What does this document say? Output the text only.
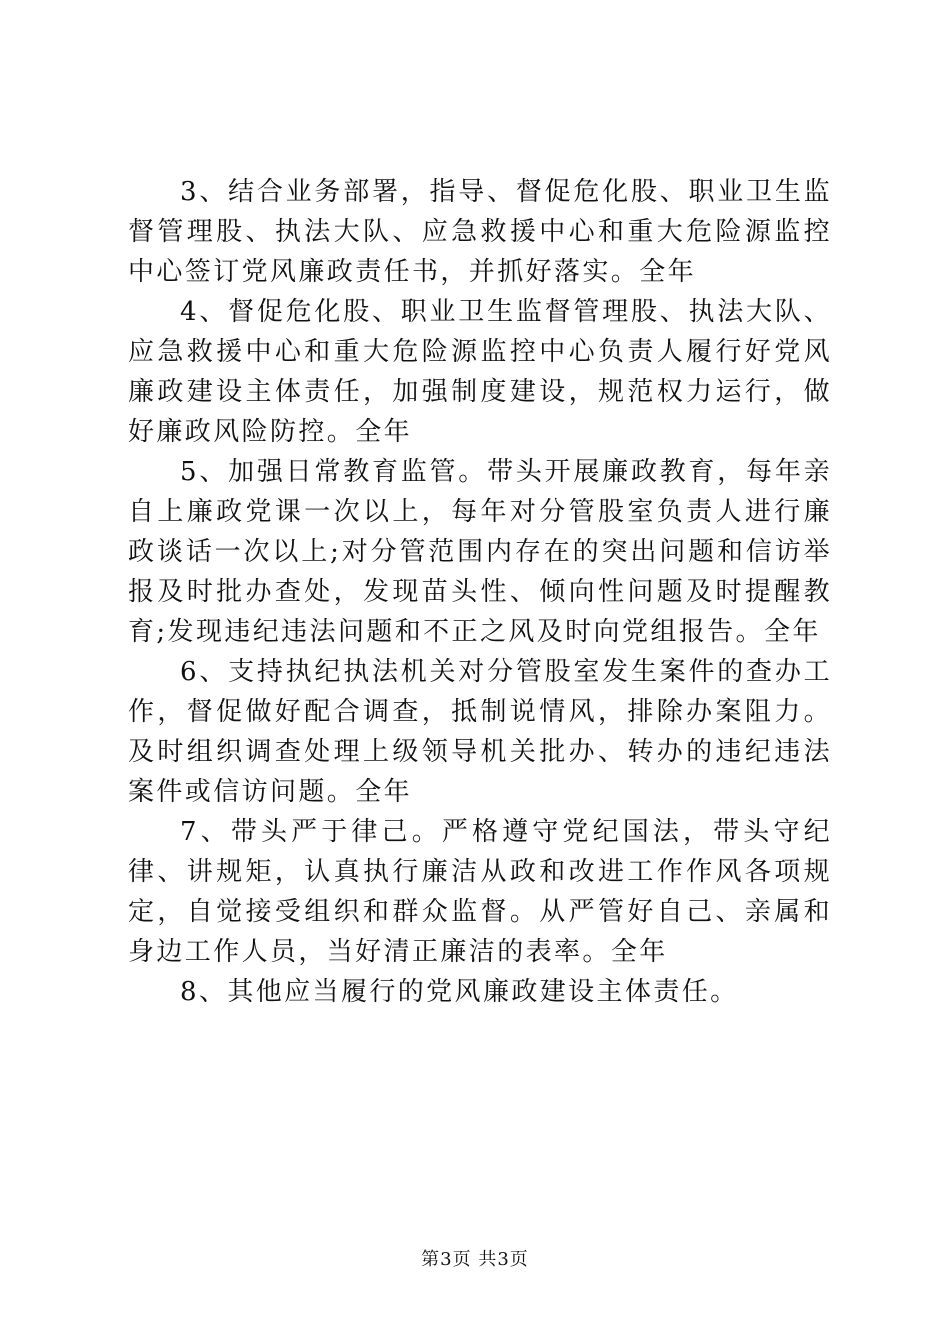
3、结合业务部署，指导、督促危化股、职业卫生监督管理股、执法大队、应急救援中心和重大危险源监控中心签订党风廉政责任书，并抓好落实。全年

4、督促危化股、职业卫生监督管理股、执法大队、应急救援中心和重大危险源监控中心负责人履行好党风廉政建设主体责任，加强制度建设，规范权力运行，做好廉政风险防控。全年

5、加强日常教育监管。带头开展廉政教育，每年亲自上廉政党课一次以上，每年对分管股室负责人进行廉政谈话一次以上;对分管范围内存在的突出问题和信访举报及时批办查处，发现苗头性、倾向性问题及时提醒教育;发现违纪违法问题和不正之风及时向党组报告。全年

6、支持执纪执法机关对分管股室发生案件的查办工作，督促做好配合调查，抵制说情风，排除办案阻力。及时组织调查处理上级领导机关批办、转办的违纪违法案件或信访问题。全年

7、带头严于律己。严格遵守党纪国法，带头守纪律、讲规矩，认真执行廉洁从政和改进工作作风各项规定，自觉接受组织和群众监督。从严管好自己、亲属和身边工作人员，当好清正廉洁的表率。全年

8、其他应当履行的党风廉政建设主体责任。

第3页 共3页
